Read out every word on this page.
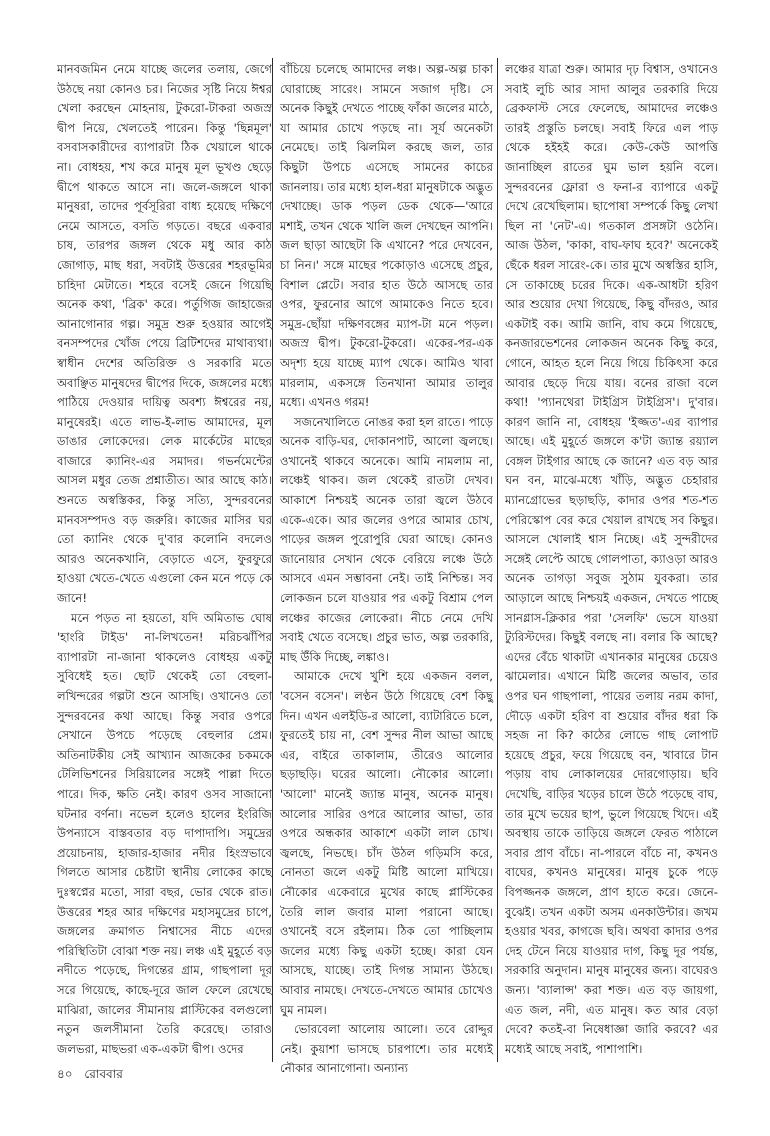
মানবজমিন নেমে যাচ্ছে জলের তলায়, জেগে উঠছে নয়া কোনও চর। নিজের সৃষ্টি নিয়ে ঈশ্বর খেলা করছেন মোহনায়, টুকরো-টাকরা অজস্র দ্বীপ নিয়ে, খেলতেই পারেন। কিন্তু 'ছিন্নমূল' বসবাসকারীদের ব্যাপারটা ঠিক খেয়ালে থাকে না। বোধহয়, শখ করে মানুষ মূল ভূখণ্ড ছেড়ে দ্বীপে থাকতে আসে না। জলে-জঙ্গলে থাকা মানুষরা, তাদের পূর্বসূরিরা বাধ্য হয়েছে দক্ষিণে নেমে আসতে, বসতি গড়তে। বছরে একবার চাষ, তারপর জঙ্গল থেকে মধু আর কাঠ জোগাড়, মাছ ধরা, সবটাই উত্তরের শহরভূমির চাহিদা মেটাতে। শহরে বসেই জেনে গিয়েছি অনেক কথা, 'ব্রিক' করে। পর্তুগিজ জাহাজের আনাগোনার গল্প। সমুদ্র শুরু হওয়ার আগেই বনসম্পদের খোঁজ পেয়ে ব্রিটিশদের মাথাব্যথা। স্বাধীন দেশের অতিরিক্ত ও সরকারি মতে অবাঞ্ছিত মানুষদের দ্বীপের দিকে, জঙ্গলের মধ্যে পাঠিয়ে দেওয়ার দায়িত্ব অবশ্য ঈশ্বরের নয়, মানুষেরই। এতে লাভ-ই-লাভ আমাদের, মূল ডাঙার লোকেদের। লেক মার্কেটের মাছের বাজারে ক্যানিং-এর সমাদর। গভর্নমেন্টের আসল মধুর তেজ প্রশ্নাতীত। আর আছে কাঠ। শুনতে অস্বস্তিকর, কিন্তু সত্যি, সুন্দরবনের মানবসম্পদও বড় জরুরি। কাজের মাসির ঘর তো ক্যানিং থেকে দু'বার কলোনি বদলেও আরও অনেকখানি, বেড়াতে এসে, ফুরফুরে হাওয়া খেতে-খেতে এগুলো কেন মনে পড়ে কে জানে!

মনে পড়ত না হয়তো, যদি অমিতাভ ঘোষ 'হাংরি টাইড' না-লিখতেন! মরিচঝাঁপির ব্যাপারটা না-জানা থাকলেও বোধহয় একটু সুবিধেই হত। ছোট থেকেই তো বেহুলা-লখিন্দরের গল্পটা শুনে আসছি। ওখানেও তো সুন্দরবনের কথা আছে। কিন্তু সবার ওপরে সেখানে উপচে পড়েছে বেহুলার প্রেম। অতিনাটকীয় সেই আখ্যান আজকের চকমকে টেলিভিশনের সিরিয়ালের সঙ্গেই পাল্লা দিতে পারে। দিক, ক্ষতি নেই। কারণ ওসব সাজানো ঘটনার বর্ণনা। নভেল হলেও হালের ইংরিজি উপন্যাসে বাস্তবতার বড় দাপাদাপি। সমুদ্রের প্রয়োচনায়, হাজার-হাজার নদীর হিংস্রভাবে গিলতে আসার চেষ্টাটা স্থানীয় লোকের কাছে দুঃস্বপ্নের মতো, সারা বছর, ভোর থেকে রাত। উত্তরের শহর আর দক্ষিণের মহাসমুদ্রের চাপে, জঙ্গলের ক্রমাগত নিশ্বাসের নীচে এদের পরিস্থিতিটা বোঝা শক্ত নয়। লঞ্চ এই মুহূর্তে বড় নদীতে পড়েছে, দিগন্তের গ্রাম, গাছপালা দূর সরে গিয়েছে, কাছে-দূরে জাল ফেলে রেখেছে মাঝিরা, জালের সীমানায় প্লাস্টিকের বলগুলো নতুন জলসীমানা তৈরি করেছে। তারাও জলভরা, মাছভরা এক-একটা দ্বীপ। ওদের

বাঁচিয়ে চলেছে আমাদের লঞ্চ। অল্প-অল্প চাকা ঘোরাচ্ছে সারেং। সামনে সজাগ দৃষ্টি। সে অনেক কিছুই দেখতে পাচ্ছে ফাঁকা জলের মাঠে, যা আমার চোখে পড়ছে না। সূর্য অনেকটা নেমেছে। তাই ঝিলমিল করছে জল, তার কিছুটা উপচে এসেছে সামনের কাচের জানলায়। তার মধ্যে হাল-ধরা মানুষটাকে অদ্ভুত দেখাচ্ছে। ডাক পড়ল ডেক থেকে—'আরে মশাই, তখন থেকে খালি জল দেখছেন আপনি। জল ছাড়া আছেটা কি এখানে? পরে দেখবেন, চা নিন।' সঙ্গে মাছের পকোড়াও এসেছে প্রচুর, বিশাল প্লেটে। সবার হাত উঠে আসছে তার ওপর, ফুরনোর আগে আমাকেও নিতে হবে। সমুদ্র-ছোঁয়া দক্ষিণবঙ্গের ম্যাপ-টা মনে পড়ল। অজস্র দ্বীপ। টুকরো-টুকরো। একের-পর-এক অদৃশ্য হয়ে যাচ্ছে ম্যাপ থেকে। আমিও খাবা মারলাম, একসঙ্গে তিনখানা আমার তালুর মধ্যে। এখনও গরম!

সজনেখালিতে নোঙর করা হল রাতে। পাড়ে অনেক বাড়ি-ঘর, দোকানপাট, আলো জ্বলছে। ওখানেই থাকবে অনেকে। আমি নামলাম না, লঞ্চেই থাকব। জল থেকেই রাতটা দেখব। আকাশে নিশ্চয়ই অনেক তারা জ্বলে উঠবে একে-একে। আর জলের ওপরে আমার চোখ, পাড়ের জঙ্গল পুরোপুরি ঘেরা আছে। কোনও জানোয়ার সেখান থেকে বেরিয়ে লঞ্চে উঠে আসবে এমন সম্ভাবনা নেই। তাই নিশ্চিন্ত। সব লোকজন চলে যাওয়ার পর একটু বিশ্রাম পেল লঞ্চের কাজের লোকেরা। নীচে নেমে দেখি সবাই খেতে বসেছে। প্রচুর ভাত, অল্প তরকারি, মাছ উঁকি দিচ্ছে, লঙ্কাও।

আমাকে দেখে খুশি হয়ে একজন বলল, 'বসেন বসেন'। লণ্ঠন উঠে গিয়েছে বেশ কিছু দিন। এখন এলইডি-র আলো, ব্যাটারিতে চলে, ফুরতেই চায় না, বেশ সুন্দর নীল আভা আছে এর, বাইরে তাকালাম, তীরেও আলোর ছড়াছড়ি। ঘরের আলো। নৌকোর আলো। 'আলো' মানেই জ্যান্ত মানুষ, অনেক মানুষ। আলোর সারির ওপরে আলোর আভা, তার ওপরে অন্ধকার আকাশে একটা লাল চোখ। জ্বলছে, নিভছে। চাঁদ উঠল গড়িমসি করে, নোনতা জলে একটু মিষ্টি আলো মাখিয়ে। নৌকোর একেবারে মুখের কাছে প্লাস্টিকের তৈরি লাল জবার মালা পরানো আছে। ওখানেই বসে রইলাম। ঠিক তো পাচ্ছিলাম জলের মধ্যে কিছু একটা হচ্ছে। কারা যেন আসছে, যাচ্ছে। তাই দিগন্ত সামান্য উঠছে। আবার নামছে। দেখতে-দেখতে আমার চোখেও ঘুম নামল।

ভোরবেলা আলোয় আলো। তবে রোদ্দুর নেই। কুয়াশা ভাসছে চারপাশে। তার মধ্যেই নৌকার আনাগোনা। অন্যান্য

লঞ্চের যাত্রা শুরু। আমার দৃঢ় বিশ্বাস, ওখানেও সবাই লুচি আর সাদা আলুর তরকারি দিয়ে ব্রেকফাস্ট সেরে ফেলেছে, আমাদের লঞ্চেও তারই প্রস্তুতি চলছে। সবাই ফিরে এল পাড় থেকে হইহই করে। কেউ-কেউ আপত্তি জানাচ্ছিল রাতের ঘুম ভাল হয়নি বলে। সুন্দরবনের ফ্লোরা ও ফনা-র ব্যাপারে একটু দেখে রেখেছিলাম। ছাপোষা সম্পর্কে কিছু লেখা ছিল না 'নেট'-এ। গতকাল প্রসঙ্গটা ওঠেনি। আজ উঠল, 'কাকা, বাঘ-ফাঘ হবে?' অনেকেই ছেঁকে ধরল সারেং-কে। তার মুখে অস্বস্তির হাসি, সে তাকাচ্ছে চরের দিকে। এক-আধটা হরিণ আর শুয়োর দেখা গিয়েছে, কিছু বাঁদরও, আর একটাই বক। আমি জানি, বাঘ কমে গিয়েছে, কনজারভেশনের লোকজন অনেক কিছু করে, গোনে, আহত হলে নিয়ে গিয়ে চিকিৎসা করে আবার ছেড়ে দিয়ে যায়। বনের রাজা বলে কথা! 'প্যানথেরা টাইগ্রিস টাইগ্রিস'। দু'বার। কারণ জানি না, বোধহয় 'ইজ্জত'-এর ব্যাপার আছে। এই মুহূর্তে জঙ্গলে ক'টা জ্যান্ত রয়্যাল বেঙ্গল টাইগার আছে কে জানে? এত বড় আর ঘন বন, মাঝে-মধ্যে খাঁড়ি, অদ্ভুত চেহারার ম্যানগ্রোভের ছড়াছড়ি, কাদার ওপর শত-শত পেরিস্কোপ বের করে খেয়াল রাখছে সব কিছুর। আসলে খোলাই শ্বাস নিচ্ছে। এই সুন্দরীদের সঙ্গেই লেপ্টে আছে গোলপাতা, ক্যাওড়া আরও অনেক তাগড়া সবুজ সুঠাম যুবকরা। তার আড়ালে আছে নিশ্চয়ই একজন, দেখতে পাচ্ছে সানগ্লাস-ক্লিকার পরা 'সেলফি' ভেসে যাওয়া ট্যুরিস্টদের। কিছুই বলছে না। বলার কি আছে? এদের বেঁচে থাকাটা এখানকার মানুষের চেয়েও ঝামেলার। এখানে মিষ্টি জলের অভাব, তার ওপর ঘন গাছপালা, পায়ের তলায় নরম কাদা, দৌড়ে একটা হরিণ বা শুয়োর বাঁদর ধরা কি সহজ না কি? কাঠের লোভে গাছ লোপাট হয়েছে প্রচুর, ফয়ে গিয়েছে বন, খাবারে টান পড়ায় বাঘ লোকালয়ের দোরগোড়ায়। ছবি দেখেছি, বাড়ির খড়ের চালে উঠে পড়েছে বাঘ, তার মুখে ভয়ের ছাপ, ভুলে গিয়েছে খিদে। এই অবস্থায় তাকে তাড়িয়ে জঙ্গলে ফেরত পাঠালে সবার প্রাণ বাঁচে। না-পারলে বাঁচে না, কখনও বাঘের, কখনও মানুষের। মানুষ চুকে পড়ে বিপজ্জনক জঙ্গলে, প্রাণ হাতে করে। জেনে-বুঝেই। তখন একটা অসম এনকাউন্টার। জখম হওয়ার খবর, কাগজে ছবি। অথবা কাদার ওপর দেহ টেনে নিয়ে যাওয়ার দাগ, কিছু দূর পর্যন্ত, সরকারি অনুদান। মানুষ মানুষের জন্য। বাঘেরও জন্য। 'ব্যালান্স' করা শক্ত। এত বড় জায়গা, এত জল, নদী, এত মানুষ। কত আর বেড়া দেবে? কতই-বা নিষেধাজ্ঞা জারি করবে? এর মধ্যেই আছে সবাই, পাশাপাশি।

৪০ রোববার
